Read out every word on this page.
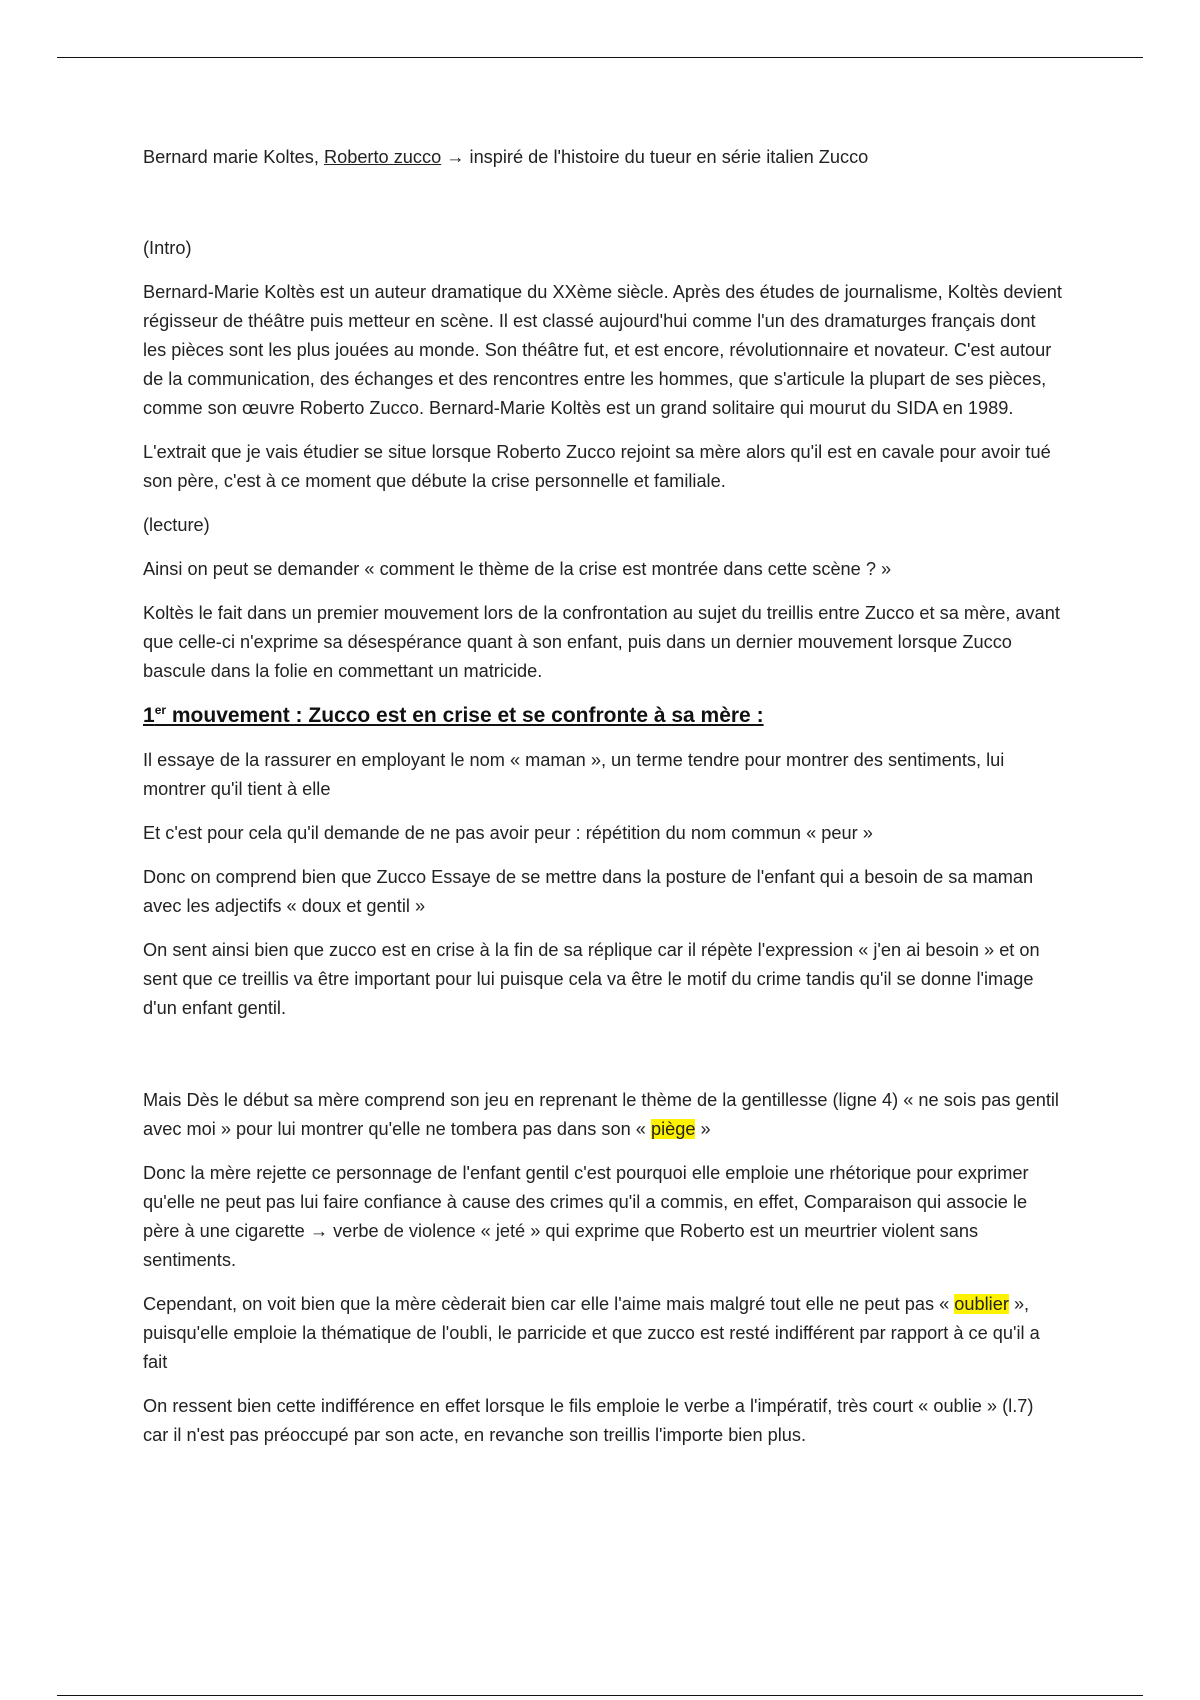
Bernard marie Koltes, Roberto zucco → inspiré de l'histoire du tueur en série italien Zucco

(Intro)

Bernard-Marie Koltès est un auteur dramatique du XXème siècle. Après des études de journalisme, Koltès devient régisseur de théâtre puis metteur en scène. Il est classé aujourd'hui comme l'un des dramaturges français dont les pièces sont les plus jouées au monde. Son théâtre fut, et est encore, révolutionnaire et novateur. C'est autour de la communication, des échanges et des rencontres entre les hommes, que s'articule la plupart de ses pièces, comme son œuvre Roberto Zucco. Bernard-Marie Koltès est un grand solitaire qui mourut du SIDA en 1989.

L'extrait que je vais étudier se situe lorsque Roberto Zucco rejoint sa mère alors qu'il est en cavale pour avoir tué son père, c'est à ce moment que débute la crise personnelle et familiale.

(lecture)

Ainsi on peut se demander « comment le thème de la crise est montrée dans cette scène ? »

Koltès le fait dans un premier mouvement lors de la confrontation au sujet du treillis entre Zucco et sa mère, avant que celle-ci n'exprime sa désespérance quant à son enfant, puis dans un dernier mouvement lorsque Zucco bascule dans la folie en commettant un matricide.

1er mouvement : Zucco est en crise et se confronte à sa mère :

Il essaye de la rassurer en employant le nom « maman », un terme tendre pour montrer des sentiments, lui montrer qu'il tient à elle

Et c'est pour cela qu'il demande de ne pas avoir peur : répétition du nom commun « peur »

Donc on comprend bien que Zucco Essaye de se mettre dans la posture de l'enfant qui a besoin de sa maman avec les adjectifs « doux et gentil »

On sent ainsi bien que zucco est en crise à la fin de sa réplique car il répète l'expression « j'en ai besoin » et on sent que ce treillis va être important pour lui puisque cela va être le motif du crime tandis qu'il se donne l'image d'un enfant gentil.

Mais Dès le début sa mère comprend son jeu en reprenant le thème de la gentillesse (ligne 4) « ne sois pas gentil avec moi » pour lui montrer qu'elle ne tombera pas dans son « piège »

Donc la mère rejette ce personnage de l'enfant gentil c'est pourquoi elle emploie une rhétorique pour exprimer qu'elle ne peut pas lui faire confiance à cause des crimes qu'il a commis, en effet, Comparaison qui associe le père à une cigarette → verbe de violence « jeté » qui exprime que Roberto est un meurtrier violent sans sentiments.

Cependant, on voit bien que la mère cèderait bien car elle l'aime mais malgré tout elle ne peut pas « oublier », puisqu'elle emploie la thématique de l'oubli, le parricide et que zucco est resté indifférent par rapport à ce qu'il a fait

On ressent bien cette indifférence en effet lorsque le fils emploie le verbe a l'impératif, très court « oublie » (l.7) car il n'est pas préoccupé par son acte, en revanche son treillis l'importe bien plus.
